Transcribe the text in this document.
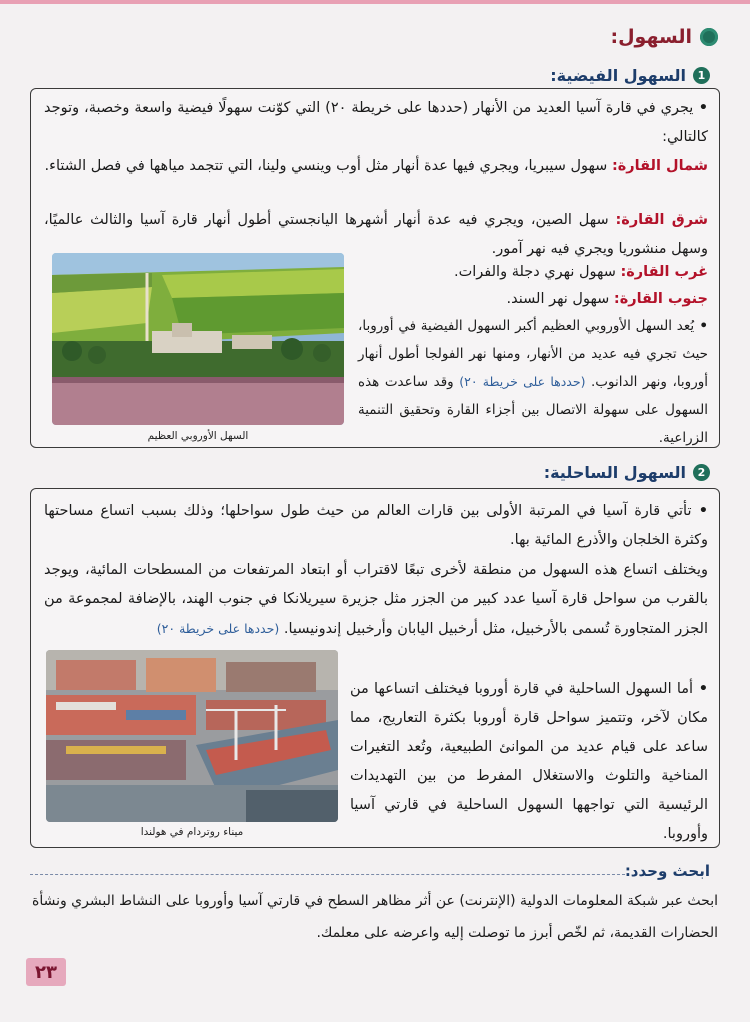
السهول:
1
السهول الفيضية:

• يجري في قارة آسيا العديد من الأنهار (حددها على خريطة ٢٠) التي كوّنت سهولًا فيضية واسعة وخصبة، وتوجد كالتالي:

شمال القارة: سهول سيبريا، ويجري فيها عدة أنهار مثل أوب وينسي ولينا، التي تتجمد مياهها في فصل الشتاء.

شرق القارة: سهل الصين، ويجري فيه عدة أنهار أشهرها اليانجستي أطول أنهار قارة آسيا والثالث عالميًا، وسهل منشوريا ويجري فيه نهر آمور.

غرب القارة: سهول نهري دجلة والفرات.

جنوب القارة: سهول نهر السند.

• يُعد السهل الأوروبي العظيم أكبر السهول الفيضية في أوروبا، حيث تجري فيه عديد من الأنهار، ومنها نهر الفولجا أطول أنهار أوروبا، ونهر الدانوب. (حددها على خريطة ٢٠) وقد ساعدت هذه السهول على سهولة الاتصال بين أجزاء القارة وتحقيق التنمية الزراعية.

السهل الأوروبي العظيم
2
السهول الساحلية:

• تأتي قارة آسيا في المرتبة الأولى بين قارات العالم من حيث طول سواحلها؛ وذلك بسبب اتساع مساحتها وكثرة الخلجان والأذرع المائية بها.

ويختلف اتساع هذه السهول من منطقة لأخرى تبعًا لاقتراب أو ابتعاد المرتفعات من المسطحات المائية، ويوجد بالقرب من سواحل قارة آسيا عدد كبير من الجزر مثل جزيرة سيريلانكا في جنوب الهند، بالإضافة لمجموعة من الجزر المتجاورة تُسمى بالأرخبيل، مثل أرخبيل اليابان وأرخبيل إندونيسيا. (حددها على خريطة ٢٠)

• أما السهول الساحلية في قارة أوروبا فيختلف اتساعها من مكان لآخر، وتتميز سواحل قارة أوروبا بكثرة التعاريج، مما ساعد على قيام عديد من الموانئ الطبيعية، وتُعد التغيرات المناخية والتلوث والاستغلال المفرط من بين التهديدات الرئيسية التي تواجهها السهول الساحلية في قارتي آسيا وأوروبا.

ميناء روتردام في هولندا
ابحث وحدد:

ابحث عبر شبكة المعلومات الدولية (الإنترنت) عن أثر مظاهر السطح في قارتي آسيا وأوروبا على النشاط البشري ونشأة الحضارات القديمة، ثم لخّص أبرز ما توصلت إليه واعرضه على معلمك.

٢٣
